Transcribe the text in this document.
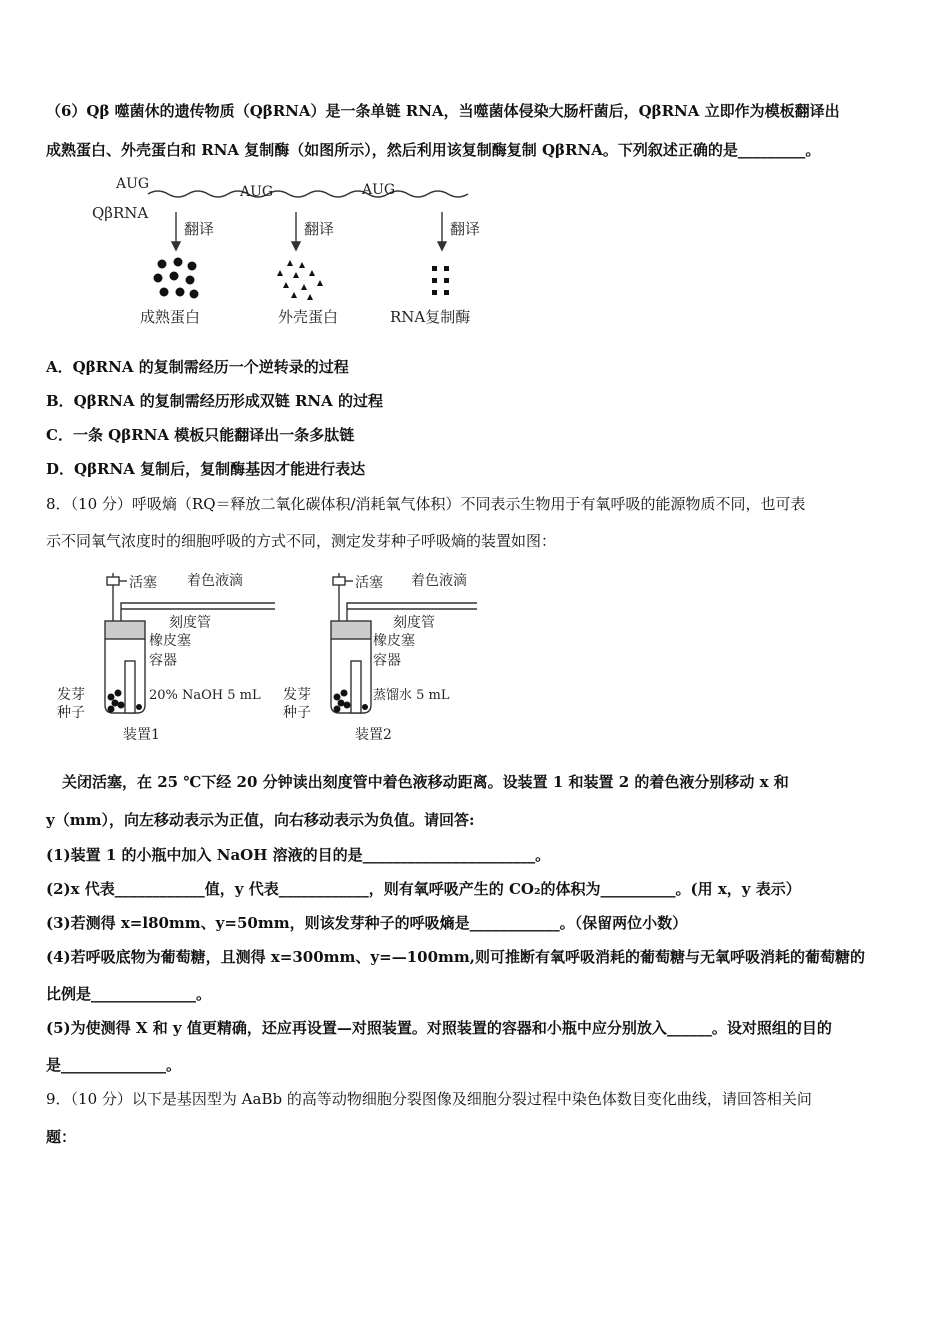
（6）Qβ 噬菌休的遗传物质（QβRNA）是一条单链 RNA，当噬菌体侵染大肠杆菌后，QβRNA 立即作为模板翻译出
成熟蛋白、外壳蛋白和 RNA 复制酶（如图所示），然后利用该复制酶复制 QβRNA。下列叙述正确的是_________。
QβRNA
AUG	AUG	AUG
翻译	翻译	翻译
成熟蛋白	外壳蛋白	RNA复制酶
A．QβRNA 的复制需经历一个逆转录的过程
B．QβRNA 的复制需经历形成双链 RNA 的过程
C．一条 QβRNA 模板只能翻译出一条多肽链
D．QβRNA 复制后，复制酶基因才能进行表达
8．（10 分）呼吸熵（RQ＝释放二氧化碳体积/消耗氧气体积）不同表示生物用于有氧呼吸的能源物质不同，也可表
示不同氧气浓度时的细胞呼吸的方式不同，测定发芽种子呼吸熵的装置如图：
活塞 着色液滴
刻度管
橡皮塞
容器
20% NaOH 5 mL
发芽
种子
装置1
活塞 着色液滴
刻度管
橡皮塞
容器
蒸馏水 5 mL
发芽
种子
装置2
关闭活塞，在 25 ℃下经 20 分钟读出刻度管中着色液移动距离。设装置 1 和装置 2 的着色液分别移动 x 和
y（mm），向左移动表示为正值，向右移动表示为负值。请回答:
(1)装置 1 的小瓶中加入 NaOH 溶液的目的是_______________________。
(2)x 代表____________值，y 代表____________，则有氧呼吸产生的 CO₂的体积为__________。(用 x，y 表示）
(3)若测得 x=l80mm、y=50mm，则该发芽种子的呼吸熵是____________。（保留两位小数）
(4)若呼吸底物为葡萄糖，且测得 x=300mm、y=—100mm,则可推断有氧呼吸消耗的葡萄糖与无氧呼吸消耗的葡萄糖的
比例是______________。
(5)为使测得 X 和 y 值更精确，还应再设置—对照装置。对照装置的容器和小瓶中应分别放入______。设对照组的目的
是______________。
9．（10 分）以下是基因型为 AaBb 的高等动物细胞分裂图像及细胞分裂过程中染色体数目变化曲线，请回答相关问
题：
